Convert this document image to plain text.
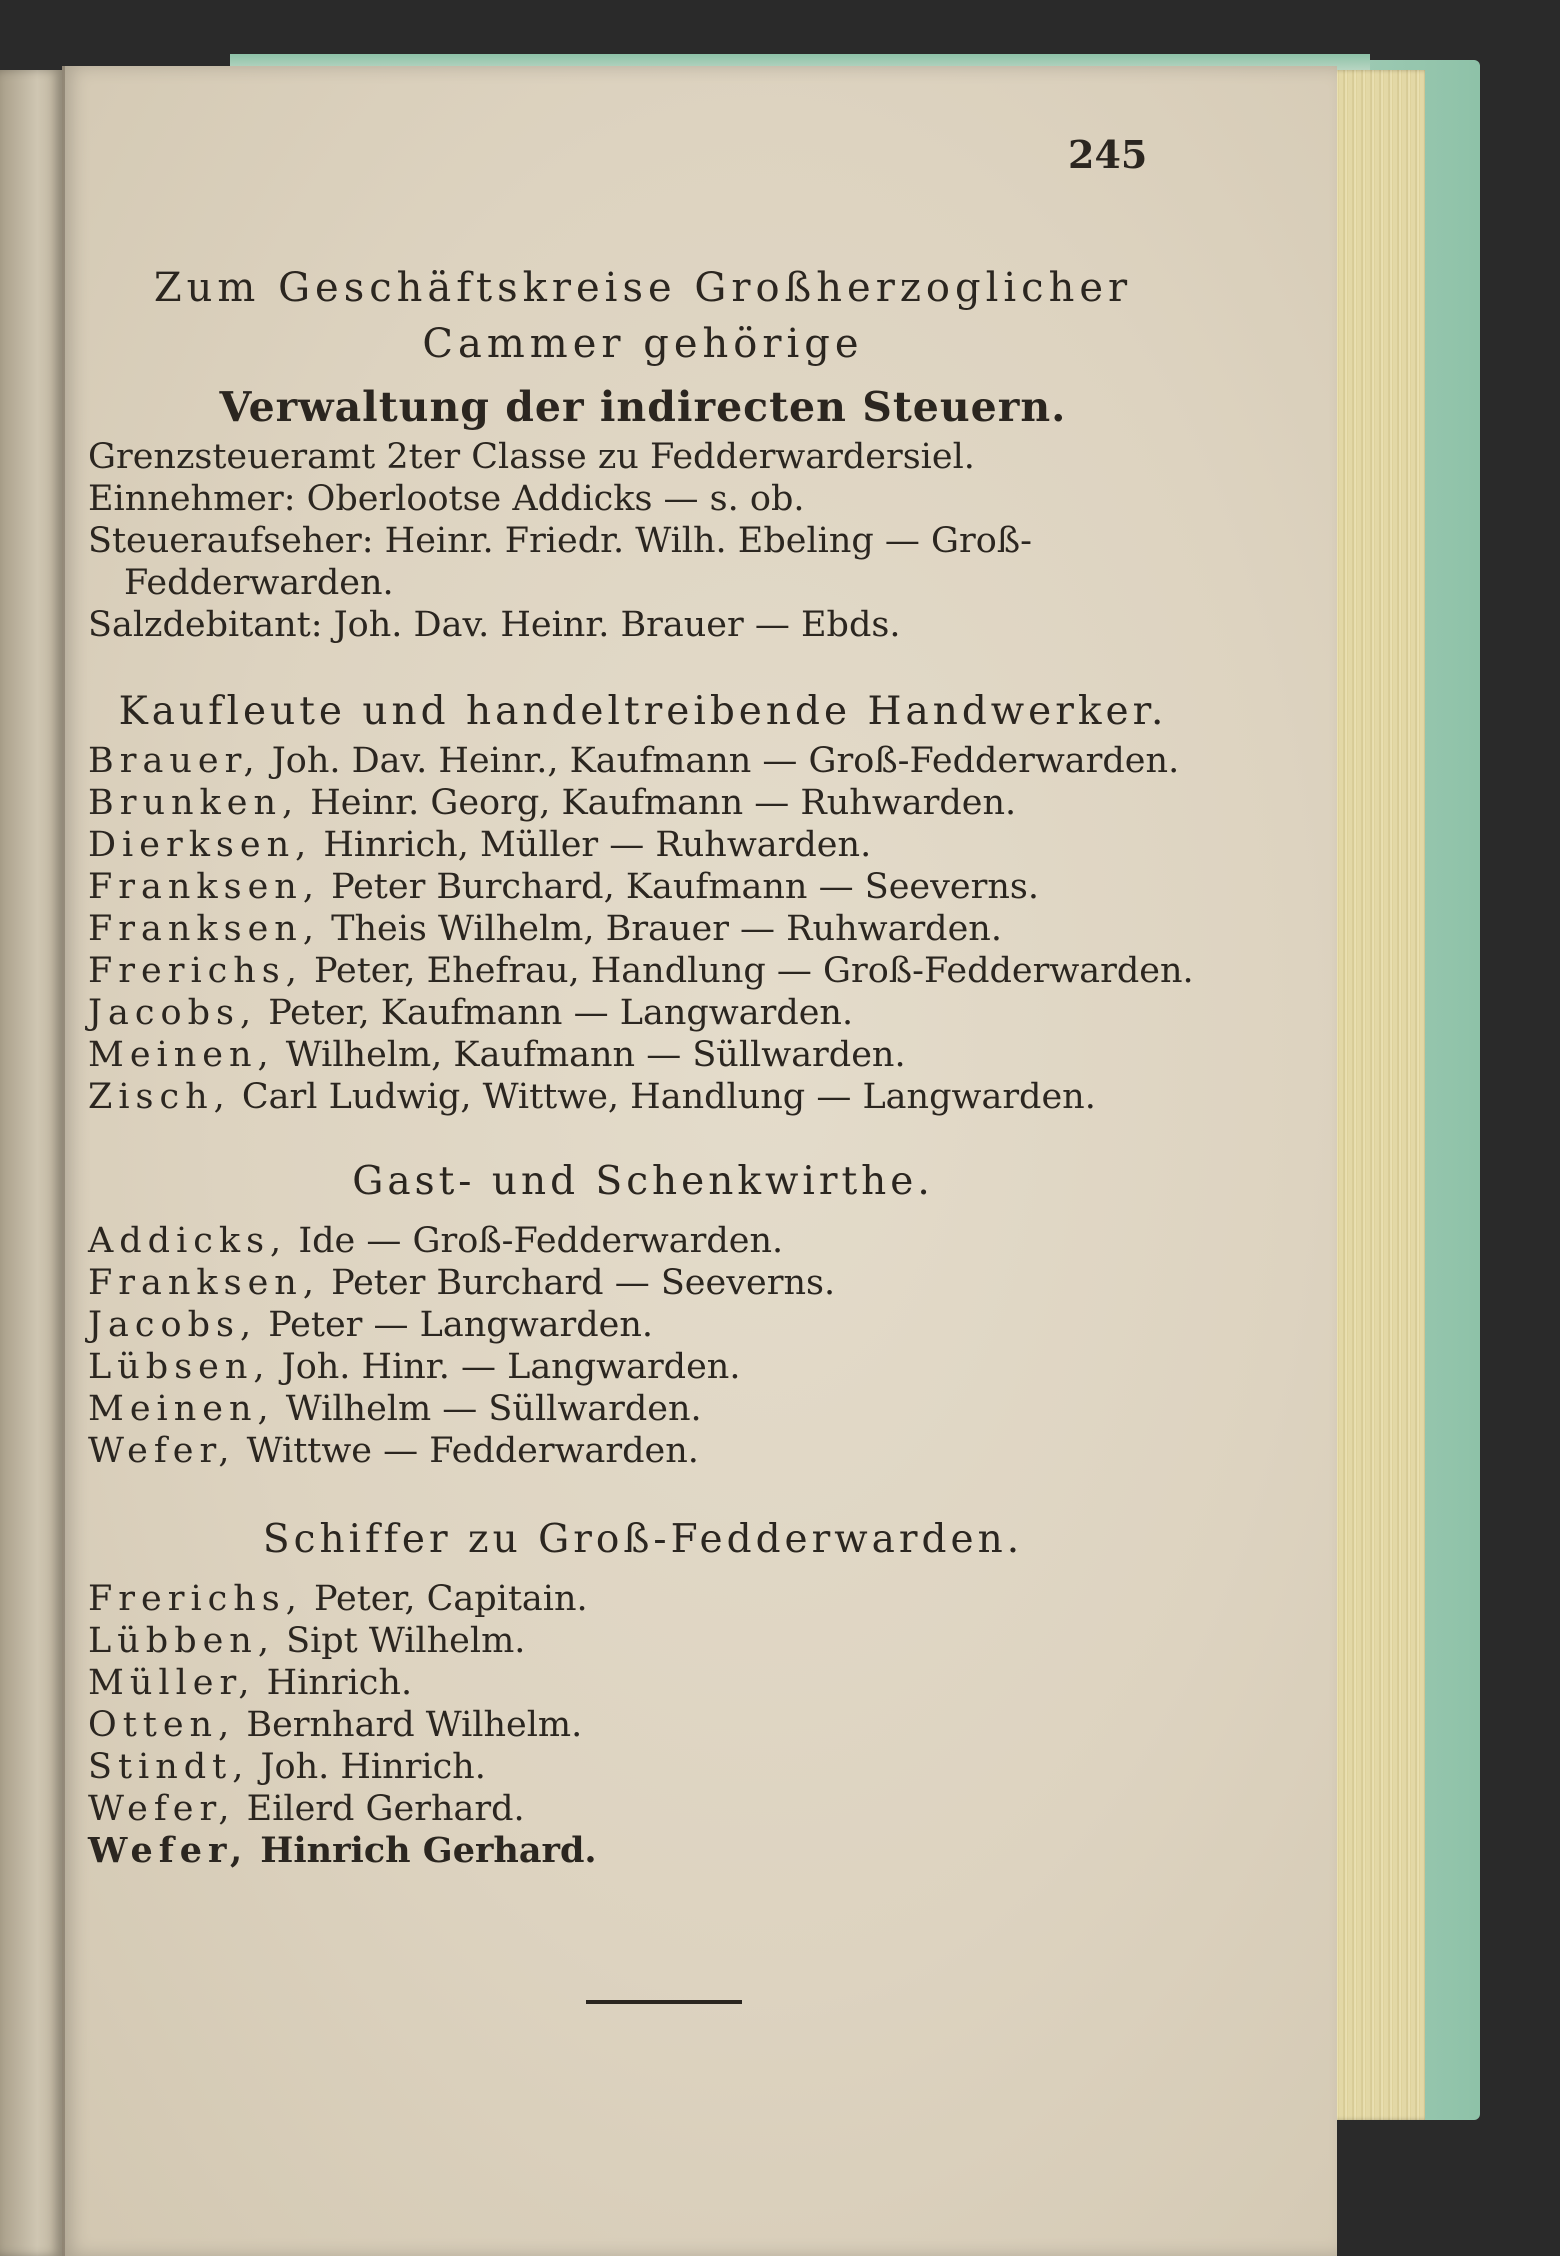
245

Zum Geschäftskreise Großherzoglicher

Cammer gehörige

Verwaltung der indirecten Steuern.

Grenzsteueramt 2ter Classe zu Fedderwardersiel.

Einnehmer: Oberlootse Addicks — s. ob.

Steueraufseher: Heinr. Friedr. Wilh. Ebeling — Groß-Fedderwarden.

Salzdebitant: Joh. Dav. Heinr. Brauer — Ebds.

Kaufleute und handeltreibende Handwerker.

Brauer, Joh. Dav. Heinr., Kaufmann — Groß-Fedderwarden.

Brunken, Heinr. Georg, Kaufmann — Ruhwarden.

Dierksen, Hinrich, Müller — Ruhwarden.

Franksen, Peter Burchard, Kaufmann — Seeverns.

Franksen, Theis Wilhelm, Brauer — Ruhwarden.

Frerichs, Peter, Ehefrau, Handlung — Groß-Fedderwarden.

Jacobs, Peter, Kaufmann — Langwarden.

Meinen, Wilhelm, Kaufmann — Süllwarden.

Zisch, Carl Ludwig, Wittwe, Handlung — Langwarden.

Gast- und Schenkwirthe.

Addicks, Ide — Groß-Fedderwarden.

Franksen, Peter Burchard — Seeverns.

Jacobs, Peter — Langwarden.

Lübsen, Joh. Hinr. — Langwarden.

Meinen, Wilhelm — Süllwarden.

Wefer, Wittwe — Fedderwarden.

Schiffer zu Groß-Fedderwarden.

Frerichs, Peter, Capitain.

Lübben, Sipt Wilhelm.

Müller, Hinrich.

Otten, Bernhard Wilhelm.

Stindt, Joh. Hinrich.

Wefer, Eilerd Gerhard.

Wefer, Hinrich Gerhard.
